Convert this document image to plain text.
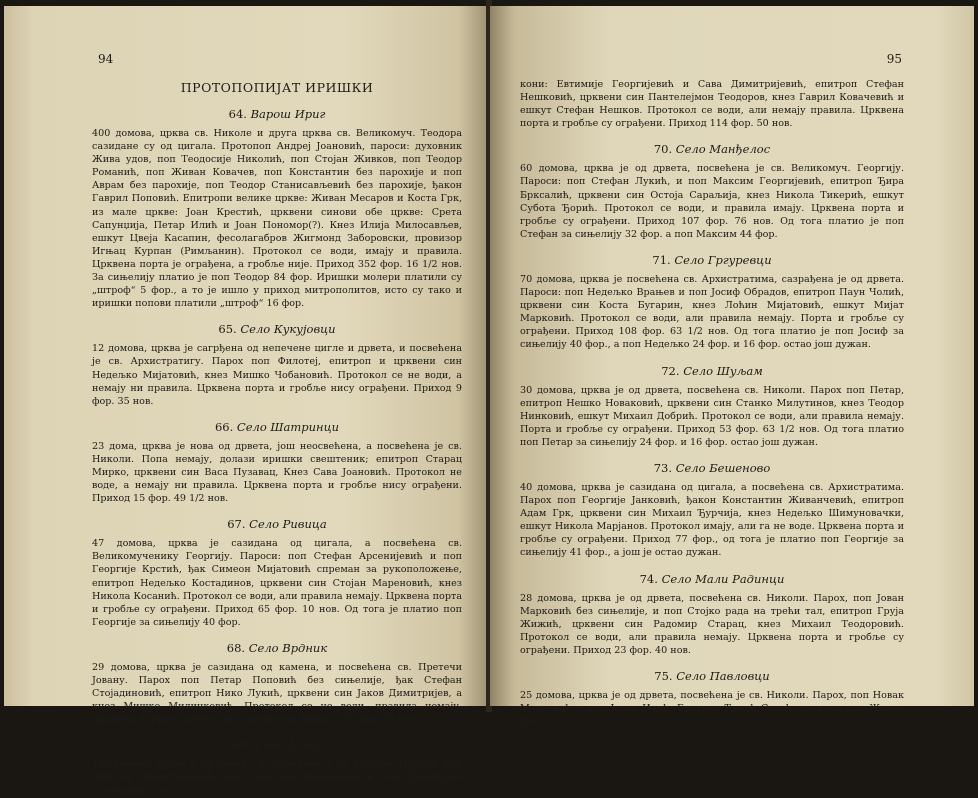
94
ПРОТОПОПИЈАТ ИРИШКИ
64. Варош Ириг

400 домова, црква св. Николе и друга црква св. Великомуч. Теодора сазидане су од цигала. Протопоп Андреј Јоановић, пароси: духовник Жива удов, поп Теодосије Николић, поп Стојан Живков, поп Теодор Романић, поп Живан Ковачев, поп Константин без парохије и поп Аврам без парохије, поп Теодор Станисављевић без парохије, ђакон Гаврил Поповић. Епитропи велике цркве: Живан Месаров и Коста Грк, из мале цркве: Јоан Крестић, црквени синови обе цркве: Срета Сапунџија, Петар Илић и Јоан Пономор(?). Кнез Илија Милосављев, ешкут Цвеја Касапин, фесолагабров Жигмонд Заборовски, провизор Игњац Курпан (Римљанин). Протокол се води, имају и правила. Црквена порта је ограђена, а гробље није. Приход 352 фор. 16 1/2 нов. За сињелију платио је поп Теодор 84 фор. Иришки молери платили су „штроф“ 5 фор., а то је ишло у приход митрополитов, исто су тако и иришки попови платили „штроф“ 16 фор.

65. Село Кукујовци

12 домова, црква је сагрђена од непечене цигле и дрвета, и посвећена је св. Архистратигу. Парох поп Филотеј, епитроп и црквени син Недељко Мијатовић, кнез Мишко Чобановић. Протокол се не води, а немају ни правила. Црквена порта и гробље нису ограђени. Приход 9 фор. 35 нов.

66. Село Шатринци

23 дома, црква је нова од дрвета, још неосвећена, а посвећена је св. Николи. Попа немају, долази иришки свештеник; епитроп Старац Мирко, црквени син Васа Пузавац, Кнез Сава Јоановић. Протокол не воде, а немају ни правила. Црквена порта и гробље нису ограђени. Приход 15 фор. 49 1/2 нов.

67. Село Ривица

47 домова, црква је сазидана од цигала, а посвећена св. Великомученику Георгију. Пароси: поп Стефан Арсенијевић и поп Георгије Крстић, ђак Симеон Мијатовић спреман за рукоположење, епитроп Недељко Костадинов, црквени син Стојан Мареновић, кнез Никола Косанић. Протокол се води, али правила немају. Црквена порта и гробље су ограђени. Приход 65 фор. 10 нов. Од тога је платио поп Георгије за сињелију 40 фор.

68. Село Врдник

29 домова, црква је сазидана од камена, и посвећена св. Претечи Јовану. Парох поп Петар Поповић без сињелије, ђак Стефан Стојадиновић, епитроп Нико Лукић, црквени син Јаков Димитријев, а кнез Мишко Милинковић. Протокол се не води, правила немају. Црквена порта и гробље нису ограђени. Приход 35 фор. 58 нов.

69. Село Јазак

130 домова, црква је од камена, и посвећена је св. Николи. Пароси: поп Николај Димитријевић, поп Недељко Новаковић и поп Димитрије Солуновић, ђа-

95

кони: Евтимије Георгијевић и Сава Димитријевић, епитроп Стефан Нешковић, црквени син Пантелејмон Теодоров, кнез Гаврил Ковачевић и ешкут Стефан Нешков. Протокол се води, али немају правила. Црквена порта и гробље су ограђени. Приход 114 фор. 50 нов.

70. Село Манђелос

60 домова, црква је од дрвета, посвећена је св. Великомуч. Георгију. Пароси: поп Стефан Лукић, и поп Максим Георгијевић, епитроп Ђира Брксалић, црквени син Остоја Сараљија, кнез Никола Тикерић, ешкут Субота Ђорић. Протокол се води, и правила имају. Црквена порта и гробље су ограђени. Приход 107 фор. 76 нов. Од тога платио је поп Стефан за сињелију 32 фор. а поп Максим 44 фор.

71. Село Гргуревци

70 домова, црква је посвећена св. Архистратима, сазрађена је од дрвета. Пароси: поп Недељко Врањев и поп Јосиф Обрадов, епитроп Паун Чолић, црквени син Коста Бугарин, кнез Лоћин Мијатовић, ешкут Мијат Марковић. Протокол се води, али правила немају. Порта и гробље су ограђени. Приход 108 фор. 63 1/2 нов. Од тога платио је поп Јосиф за сињелију 40 фор., а поп Недељко 24 фор. и 16 фор. остао још дужан.

72. Село Шуљам

30 домова, црква је од дрвета, посвећена св. Николи. Парох поп Петар, епитроп Нешко Новаковић, црквени син Станко Милутинов, кнез Теодор Нинковић, ешкут Михаил Добрић. Протокол се води, али правила немају. Порта и гробље су ограђени. Приход 53 фор. 63 1/2 нов. Од тога платио поп Петар за сињелију 24 фор. и 16 фор. остао још дужан.

73. Село Бешеново

40 домова, црква је сазидана од цигала, а посвећена св. Архистратима. Парох поп Георгије Јанковић, ђакон Константин Живанчевић, епитроп Адам Грк, црквени син Михаил Ђурчија, кнез Недељко Шимуновачки, ешкут Никола Марјанов. Протокол имају, али га не воде. Црквена порта и гробље су ограђени. Приход 77 фор., од тога је платио поп Георгије за сињелију 41 фор., а још је остао дужан.

74. Село Мали Радинци

28 домова, црква је од дрвета, посвећена св. Николи. Парох, поп Јован Марковић без сињелије, и поп Стојко рада на трећи тал, епитроп Груја Жижић, црквени син Радомир Старац, кнез Михаил Теодоровић. Протокол се води, али правила немају. Црквена порта и гробље су ограђени. Приход 23 фор. 40 нов.

75. Село Павловци

25 домова, црква је од дрвета, посвећена је св. Николи. Парох, поп Новак Марковић и поп Јован Илић. Епитроп Ђурађ Савић, црквени син Живан Да-
